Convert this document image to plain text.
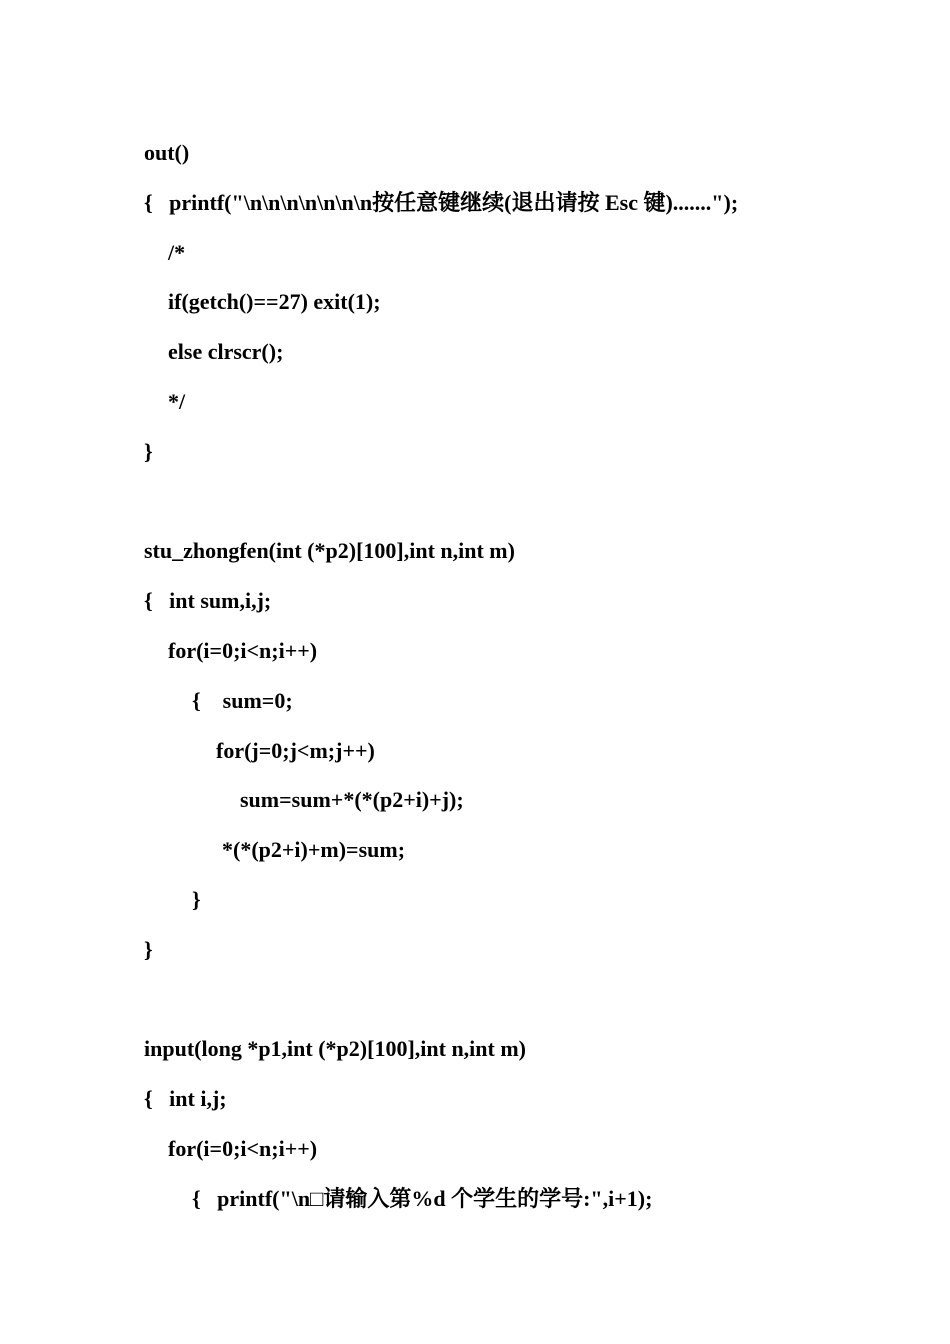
out()
{   printf("\n\n\n\n\n\n\n按任意键继续(退出请按 Esc 键).......");
/*
if(getch()==27) exit(1);
else clrscr();
*/
}
stu_zhongfen(int (*p2)[100],int n,int m)
{   int sum,i,j;
for(i=0;i<n;i++)
{    sum=0;
for(j=0;j<m;j++)
sum=sum+*(*(p2+i)+j);
*(*(p2+i)+m)=sum;
}
}
input(long *p1,int (*p2)[100],int n,int m)
{   int i,j;
for(i=0;i<n;i++)
{   printf("\n□请输入第%d 个学生的学号:",i+1);
